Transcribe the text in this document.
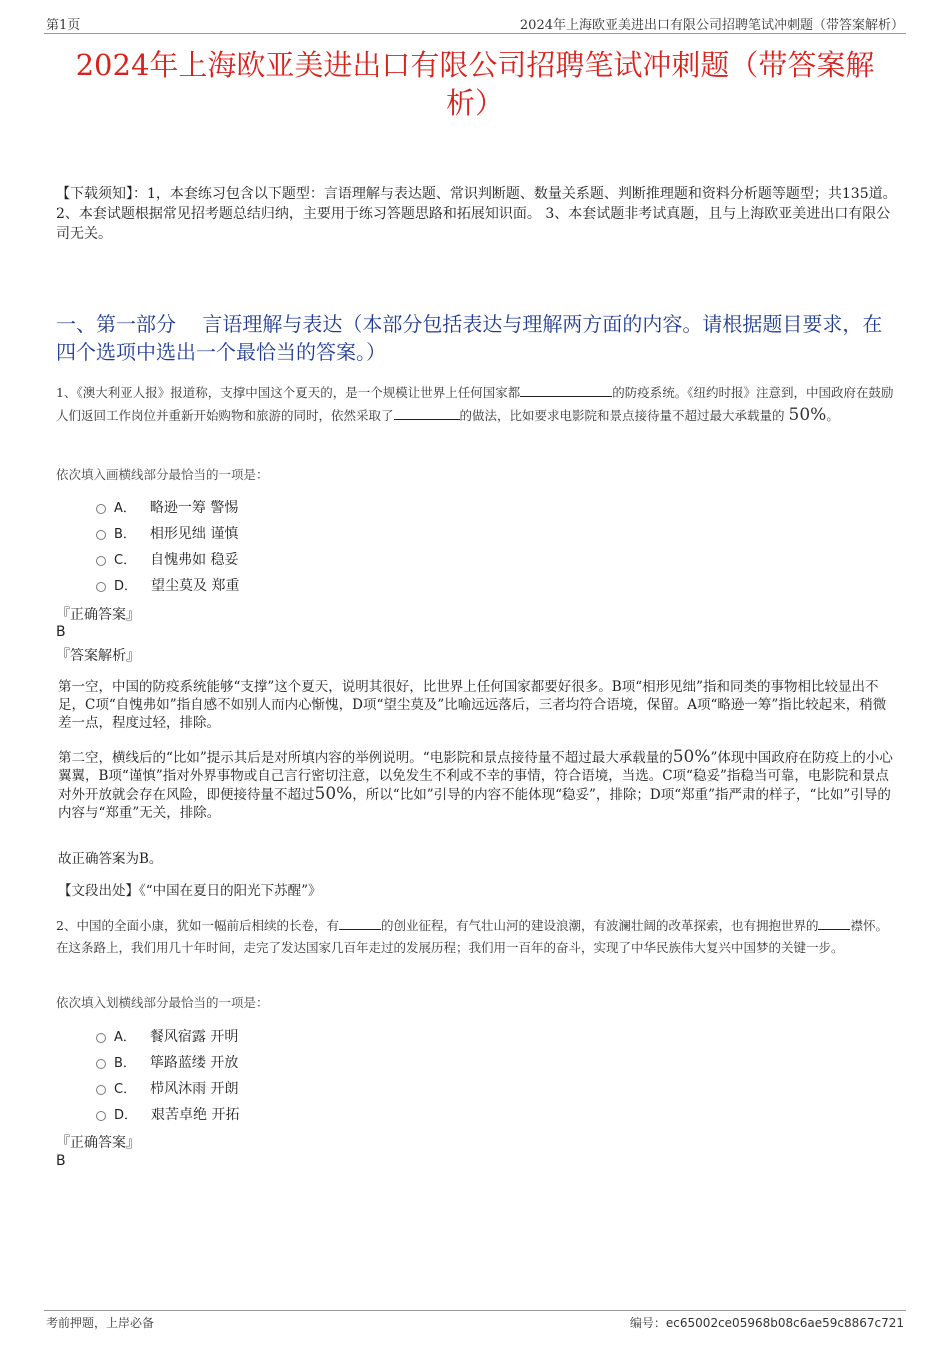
第1页	2024年上海欧亚美进出口有限公司招聘笔试冲刺题（带答案解析）
2024年上海欧亚美进出口有限公司招聘笔试冲刺题（带答案解
析）
【下载须知】：1，本套练习包含以下题型：言语理解与表达题、常识判断题、数量关系题、判断推理题和资料分析题等题型；共135道。 2、本套试题根据常见招考题总结归纳，主要用于练习答题思路和拓展知识面。 3、本套试题非考试真题，且与上海欧亚美进出口有限公司无关。
一、第一部分　 言语理解与表达（本部分包括表达与理解两方面的内容。请根据题目要求，在四个选项中选出一个最恰当的答案。）
1、《澳大利亚人报》报道称，支撑中国这个夏天的，是一个规模让世界上任何国家都	的防疫系统。《纽约时报》注意到，中国政府在鼓励人们返回工作岗位并重新开始购物和旅游的同时，依然采取了	的做法，比如要求电影院和景点接待量不超过最大承载量的 50%。
依次填入画横线部分最恰当的一项是：
A． 略逊一筹 警惕
B． 相形见绌 谨慎
C． 自愧弗如 稳妥
D． 望尘莫及 郑重
『正确答案』
B
『答案解析』
第一空，中国的防疫系统能够“支撑”这个夏天，说明其很好，比世界上任何国家都要好很多。B项“相形见绌”指和同类的事物相比较显出不足，C项“自愧弗如”指自感不如别人而内心惭愧，D项“望尘莫及”比喻远远落后，三者均符合语境，保留。A项“略逊一筹”指比较起来，稍微差一点，程度过轻，排除。
第二空，横线后的“比如”提示其后是对所填内容的举例说明。“电影院和景点接待量不超过最大承载量的50%”体现中国政府在防疫上的小心翼翼，B项“谨慎”指对外界事物或自己言行密切注意，以免发生不利或不幸的事情，符合语境，当选。C项“稳妥”指稳当可靠，电影院和景点对外开放就会存在风险，即便接待量不超过50%，所以“比如”引导的内容不能体现“稳妥”，排除；D项“郑重”指严肃的样子，“比如”引导的内容与“郑重”无关，排除。
故正确答案为B。
【文段出处】《“中国在夏日的阳光下苏醒”》
2、中国的全面小康，犹如一幅前后相续的长卷，有	的创业征程，有气壮山河的建设浪潮，有波澜壮阔的改革探索，也有拥抱世界的	襟怀。在这条路上，我们用几十年时间，走完了发达国家几百年走过的发展历程；我们用一百年的奋斗，实现了中华民族伟大复兴中国梦的关键一步。
依次填入划横线部分最恰当的一项是：
A． 餐风宿露 开明
B． 筚路蓝缕 开放
C． 栉风沐雨 开朗
D． 艰苦卓绝 开拓
『正确答案』
B
考前押题，上岸必备	编号：ec65002ce05968b08c6ae59c8867c721
